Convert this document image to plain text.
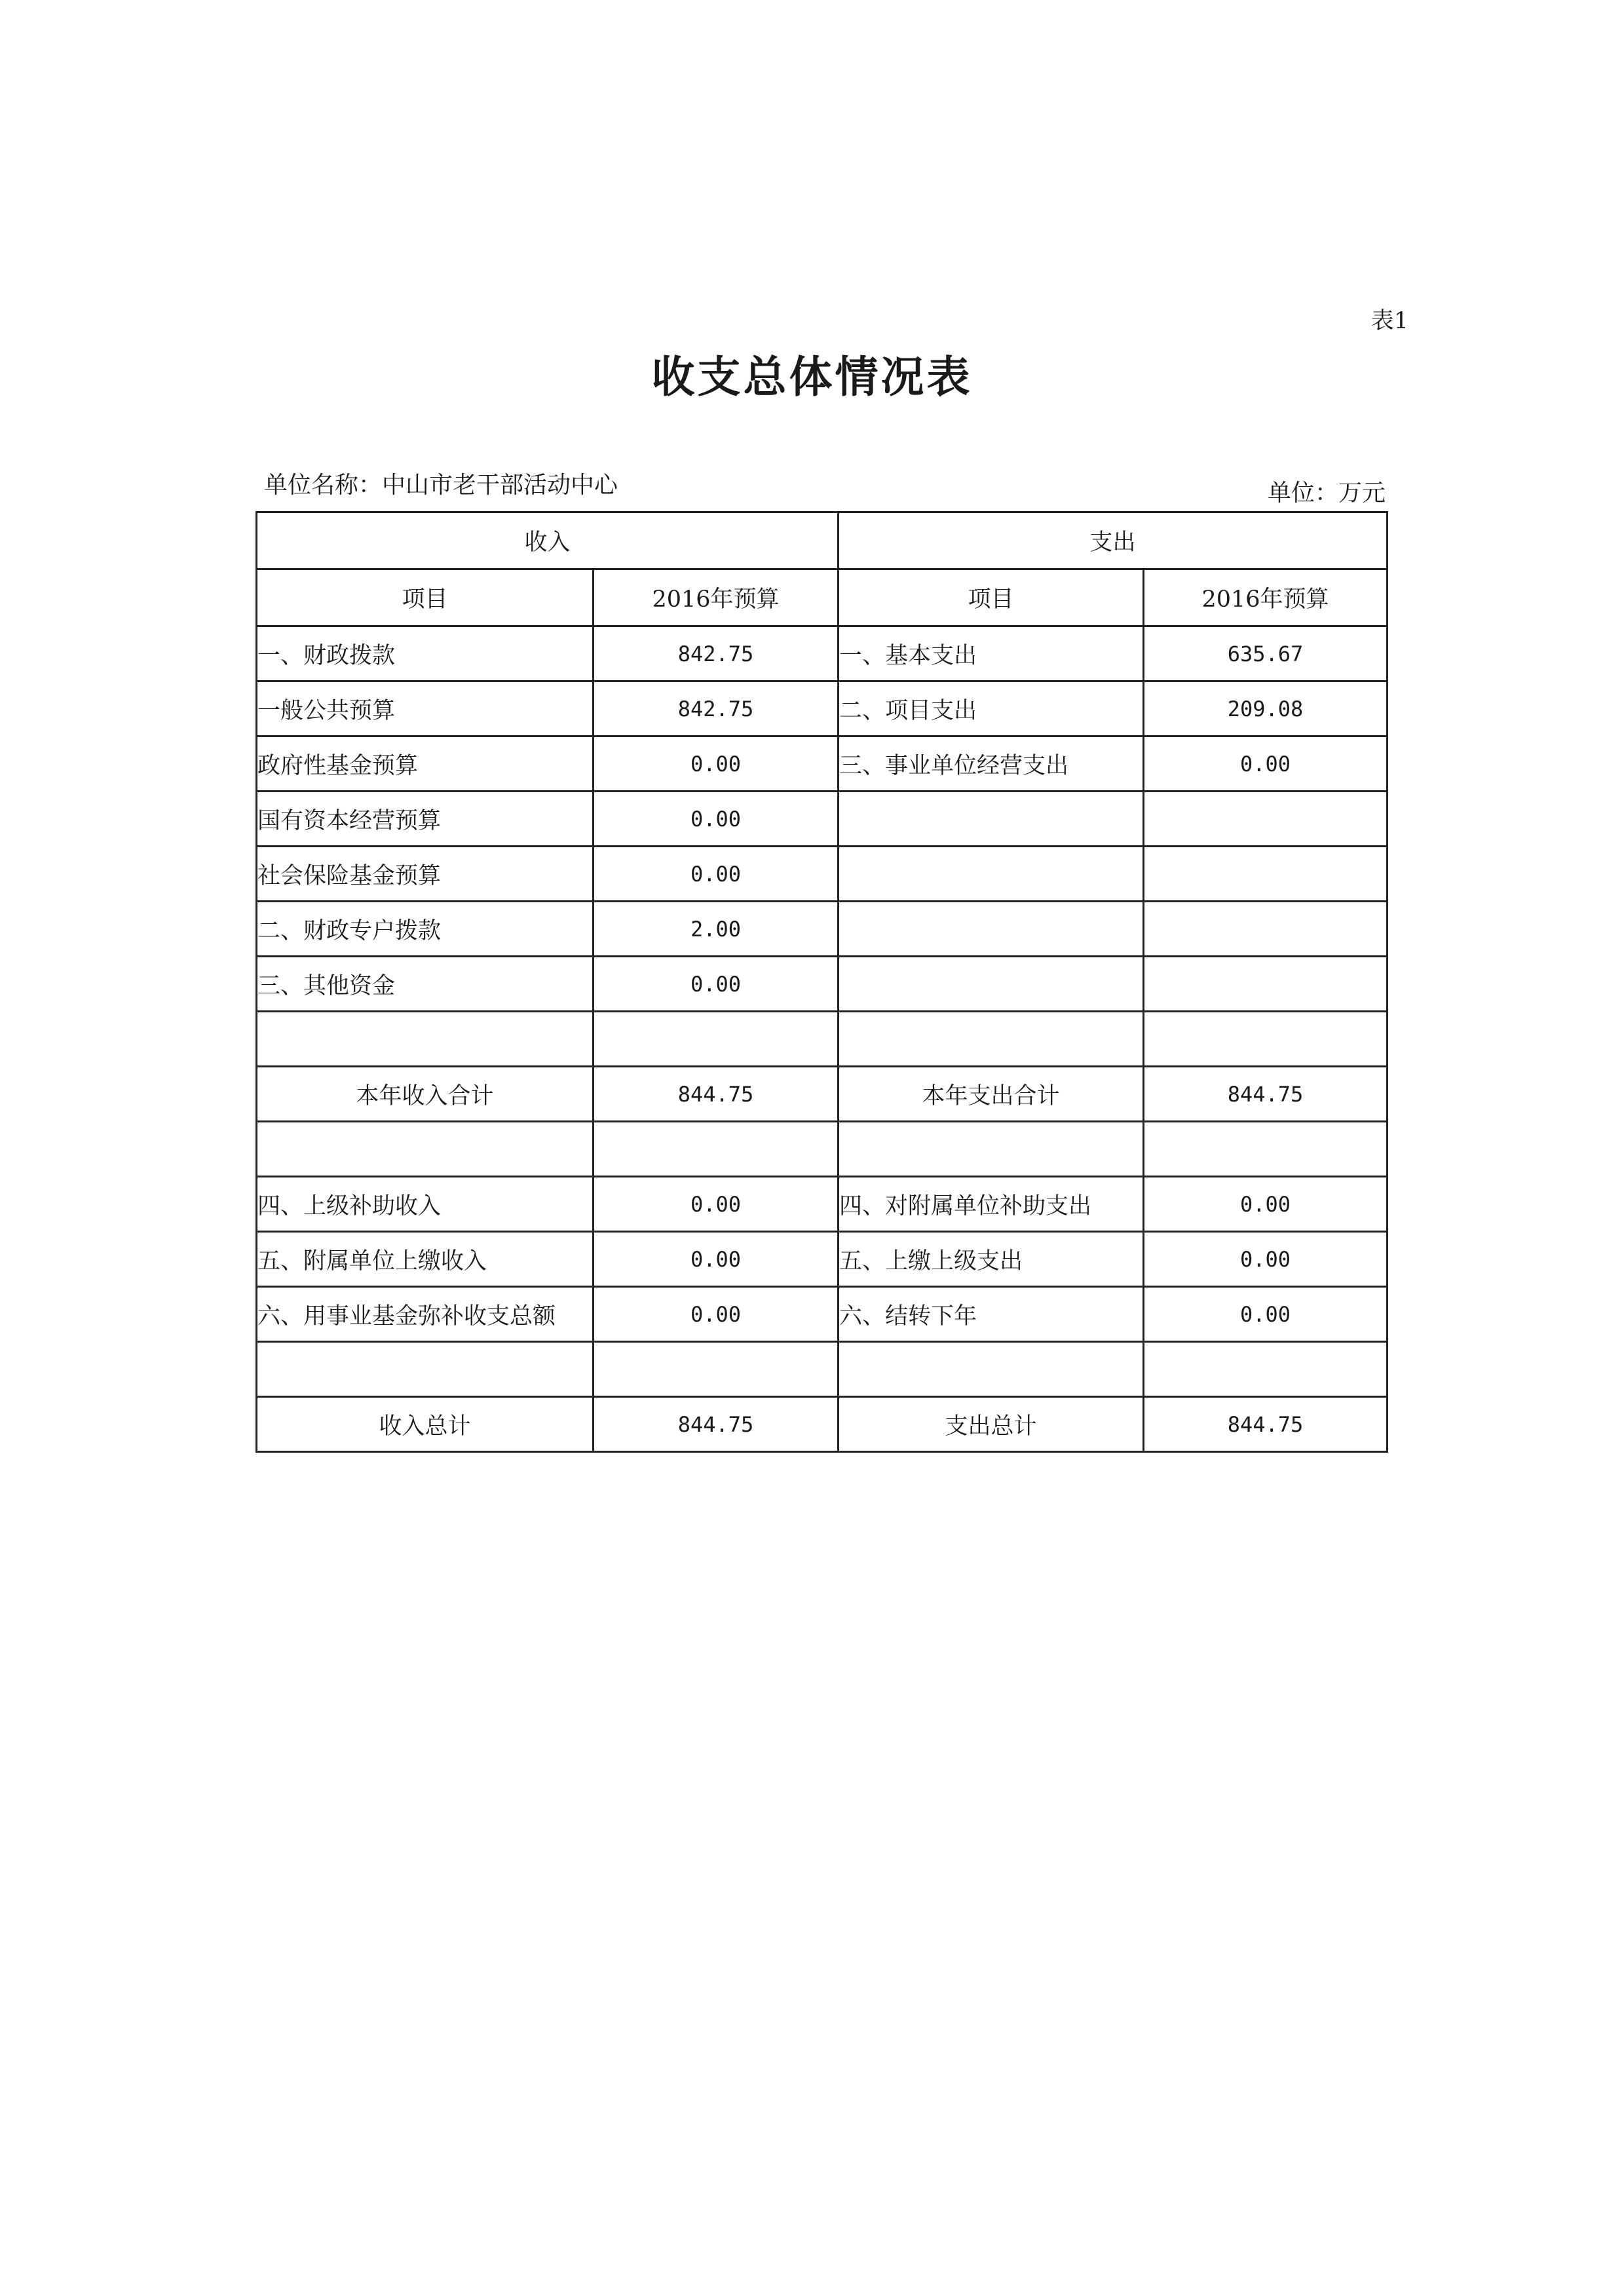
表1
收支总体情况表
单位名称：中山市老干部活动中心	单位：万元
收入		支出	
项目	2016年预算	项目	2016年预算
一、财政拨款	842.75	一、基本支出	635.67
一般公共预算	842.75	二、项目支出	209.08
政府性基金预算	0.00	三、事业单位经营支出	0.00
国有资本经营预算	0.00		
社会保险基金预算	0.00		
二、财政专户拨款	2.00		
三、其他资金	0.00		

本年收入合计	844.75	本年支出合计	844.75

四、上级补助收入	0.00	四、对附属单位补助支出	0.00
五、附属单位上缴收入	0.00	五、上缴上级支出	0.00
六、用事业基金弥补收支总额	0.00	六、结转下年	0.00

收入总计	844.75	支出总计	844.75
